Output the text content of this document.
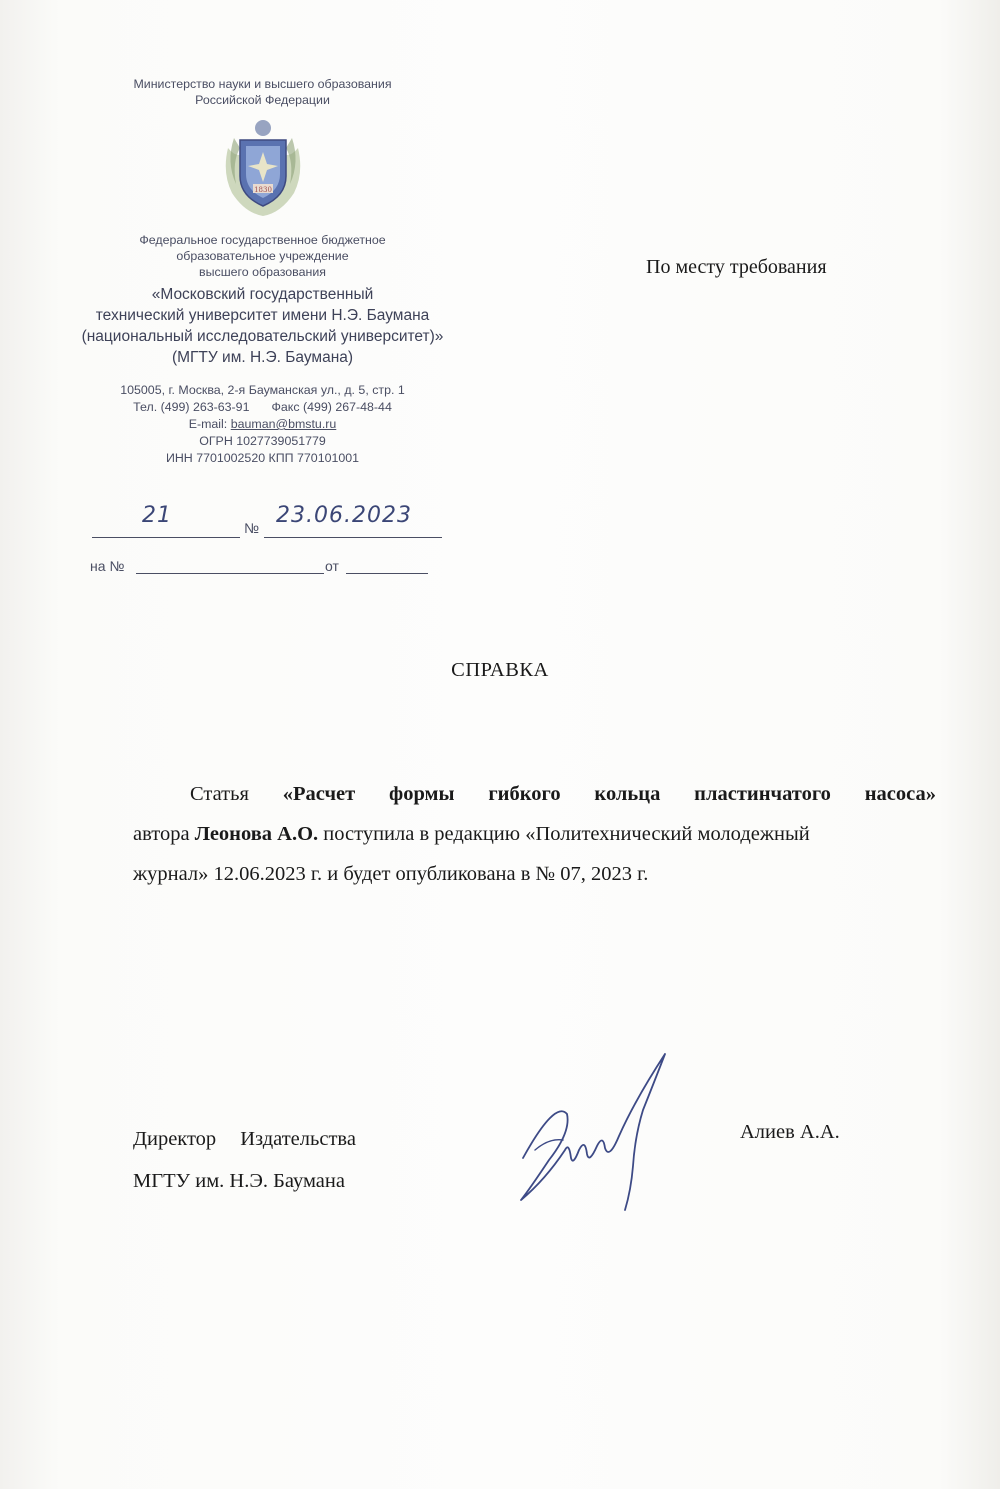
Министерство науки и высшего образования
Российской Федерации
1830
Федеральное государственное бюджетное
образовательное учреждение
высшего образования
«Московский государственный
технический университет имени Н.Э. Баумана
(национальный исследовательский университет)»
(МГТУ им. Н.Э. Баумана)
105005, г. Москва, 2-я Бауманская ул., д. 5, стр. 1
Тел. (499) 263-63-91 Факс (499) 267-48-44
E-mail: bauman@bmstu.ru
ОГРН 1027739051779
ИНН 7701002520 КПП 770101001
21	№ 23.06.2023
на №	от
По месту требования
СПРАВКА
Статья «Расчет формы гибкого кольца пластинчатого насоса»
автора Леонова А.О. поступила в редакцию «Политехнический молодежный
журнал» 12.06.2023 г. и будет опубликована в № 07, 2023 г.
Директор Издательства
МГТУ им. Н.Э. Баумана
Алиев А.А.
